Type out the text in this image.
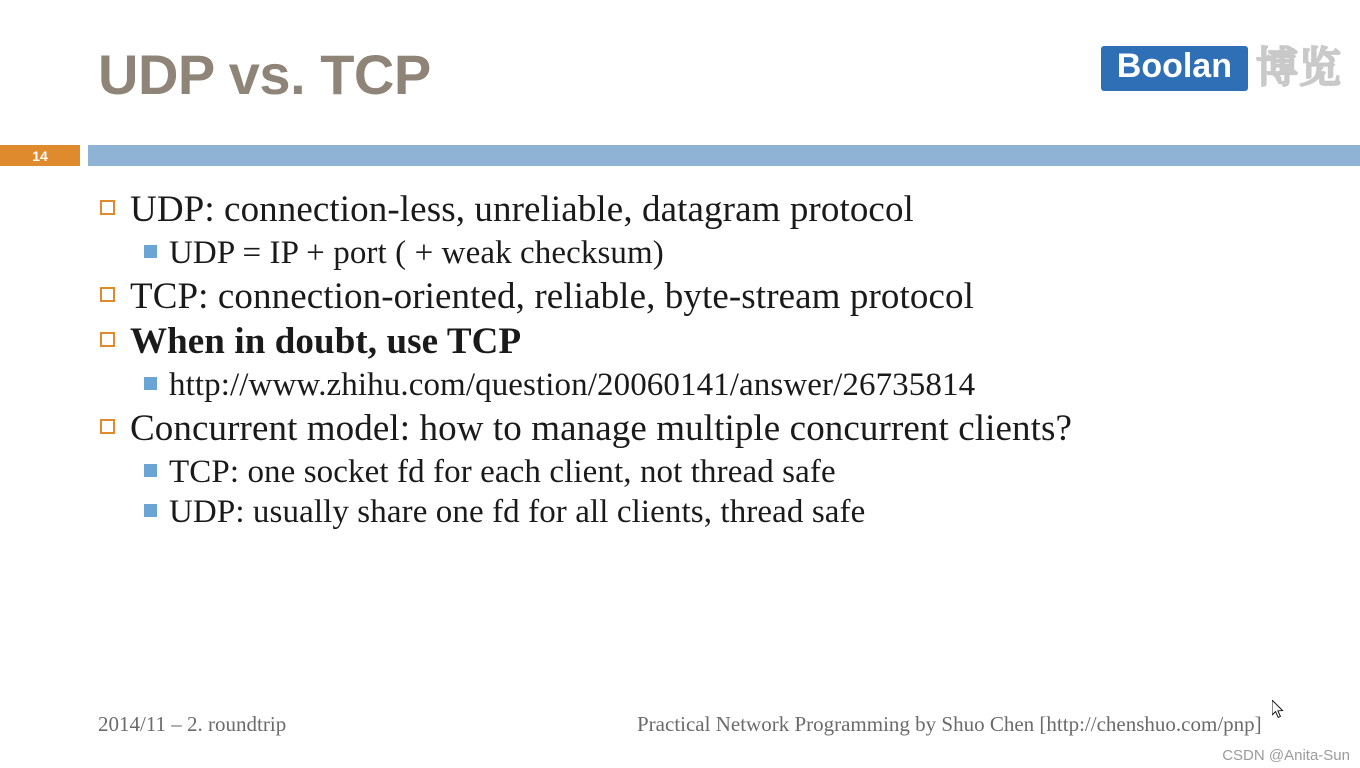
UDP vs. TCP	Boolan 博览
14
UDP: connection-less, unreliable, datagram protocol
UDP = IP + port ( + weak checksum)
TCP: connection-oriented, reliable, byte-stream protocol
When in doubt, use TCP
http://www.zhihu.com/question/20060141/answer/26735814
Concurrent model: how to manage multiple concurrent clients?
TCP: one socket fd for each client, not thread safe
UDP: usually share one fd for all clients, thread safe
2014/11 – 2. roundtrip	Practical Network Programming by Shuo Chen [http://chenshuo.com/pnp]
CSDN @Anita-Sun
